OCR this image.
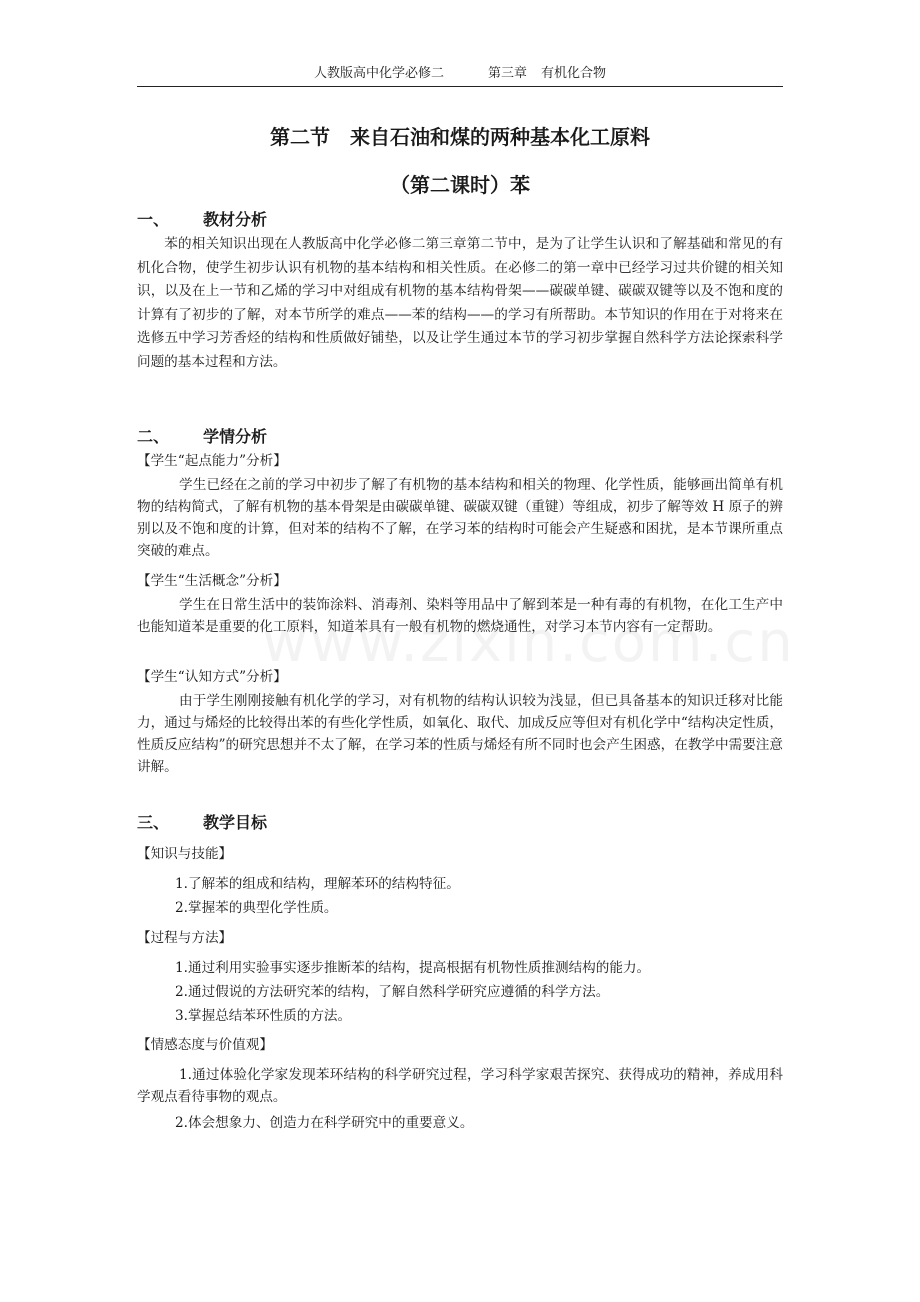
人教版高中化学必修二	第三章 有机化合物
第二节　来自石油和煤的两种基本化工原料
（第二课时）苯
一、 教材分析

苯的相关知识出现在人教版高中化学必修二第三章第二节中，是为了让学生认识和了解基础和常见的有机化合物，使学生初步认识有机物的基本结构和相关性质。在必修二的第一章中已经学习过共价键的相关知识，以及在上一节和乙烯的学习中对组成有机物的基本结构骨架——碳碳单键、碳碳双键等以及不饱和度的计算有了初步的了解，对本节所学的难点——苯的结构——的学习有所帮助。本节知识的作用在于对将来在选修五中学习芳香烃的结构和性质做好铺垫，以及让学生通过本节的学习初步掌握自然科学方法论探索科学问题的基本过程和方法。

二、 学情分析
【学生“起点能力”分析】

学生已经在之前的学习中初步了解了有机物的基本结构和相关的物理、化学性质，能够画出简单有机物的结构简式，了解有机物的基本骨架是由碳碳单键、碳碳双键（重键）等组成，初步了解等效 H 原子的辨别以及不饱和度的计算，但对苯的结构不了解，在学习苯的结构时可能会产生疑惑和困扰，是本节课所重点突破的难点。

【学生“生活概念”分析】

学生在日常生活中的装饰涂料、消毒剂、染料等用品中了解到苯是一种有毒的有机物，在化工生产中也能知道苯是重要的化工原料，知道苯具有一般有机物的燃烧通性，对学习本节内容有一定帮助。

【学生“认知方式”分析】

由于学生刚刚接触有机化学的学习，对有机物的结构认识较为浅显，但已具备基本的知识迁移对比能力，通过与烯烃的比较得出苯的有些化学性质，如氧化、取代、加成反应等但对有机化学中“结构决定性质，性质反应结构”的研究思想并不太了解，在学习苯的性质与烯烃有所不同时也会产生困惑，在教学中需要注意讲解。

三、 教学目标
【知识与技能】
1.了解苯的组成和结构，理解苯环的结构特征。
2.掌握苯的典型化学性质。
【过程与方法】
1.通过利用实验事实逐步推断苯的结构，提高根据有机物性质推测结构的能力。
2.通过假说的方法研究苯的结构，了解自然科学研究应遵循的科学方法。
3.掌握总结苯环性质的方法。
【情感态度与价值观】

1.通过体验化学家发现苯环结构的科学研究过程，学习科学家艰苦探究、获得成功的精神，养成用科学观点看待事物的观点。

2.体会想象力、创造力在科学研究中的重要意义。
